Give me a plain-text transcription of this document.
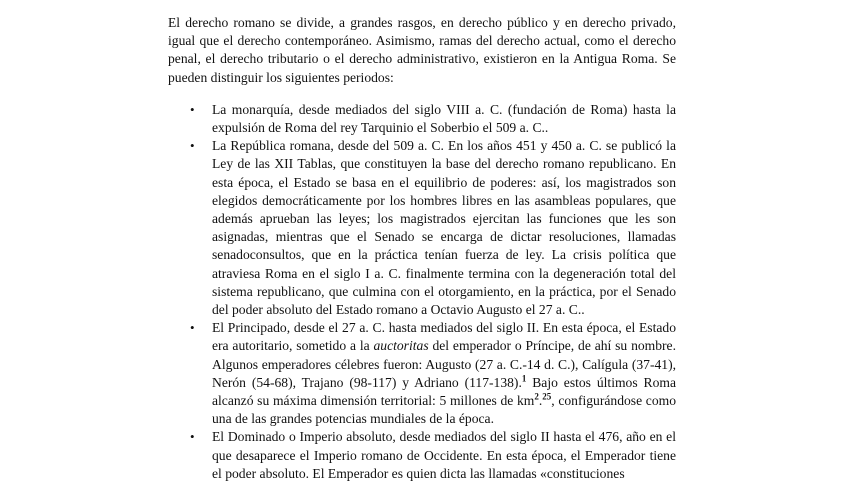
El derecho romano se divide, a grandes rasgos, en derecho público y en derecho privado, igual que el derecho contemporáneo. Asimismo, ramas del derecho actual, como el derecho penal, el derecho tributario o el derecho administrativo, existieron en la Antigua Roma. Se pueden distinguir los siguientes periodos:

• La monarquía, desde mediados del siglo VIII a. C. (fundación de Roma) hasta la expulsión de Roma del rey Tarquinio el Soberbio el 509 a. C..
• La República romana, desde del 509 a. C. En los años 451 y 450 a. C. se publicó la Ley de las XII Tablas, que constituyen la base del derecho romano republicano. En esta época, el Estado se basa en el equilibrio de poderes: así, los magistrados son elegidos democráticamente por los hombres libres en las asambleas populares, que además aprueban las leyes; los magistrados ejercitan las funciones que les son asignadas, mientras que el Senado se encarga de dictar resoluciones, llamadas senadoconsultos, que en la práctica tenían fuerza de ley. La crisis política que atraviesa Roma en el siglo I a. C. finalmente termina con la degeneración total del sistema republicano, que culmina con el otorgamiento, en la práctica, por el Senado del poder absoluto del Estado romano a Octavio Augusto el 27 a. C..
• El Principado, desde el 27 a. C. hasta mediados del siglo II. En esta época, el Estado era autoritario, sometido a la auctoritas del emperador o Príncipe, de ahí su nombre. Algunos emperadores célebres fueron: Augusto (27 a. C.-14 d. C.), Calígula (37-41), Nerón (54-68), Trajano (98-117) y Adriano (117-138).$^1$ Bajo estos últimos Roma alcanzó su máxima dimensión territorial: 5 millones de $km^2.^{25}$, configurándose como una de las grandes potencias mundiales de la época.
• El Dominado o Imperio absoluto, desde mediados del siglo II hasta el 476, año en el que desaparece el Imperio romano de Occidente. En esta época, el Emperador tiene el poder absoluto. El Emperador es quien dicta las llamadas «constituciones
